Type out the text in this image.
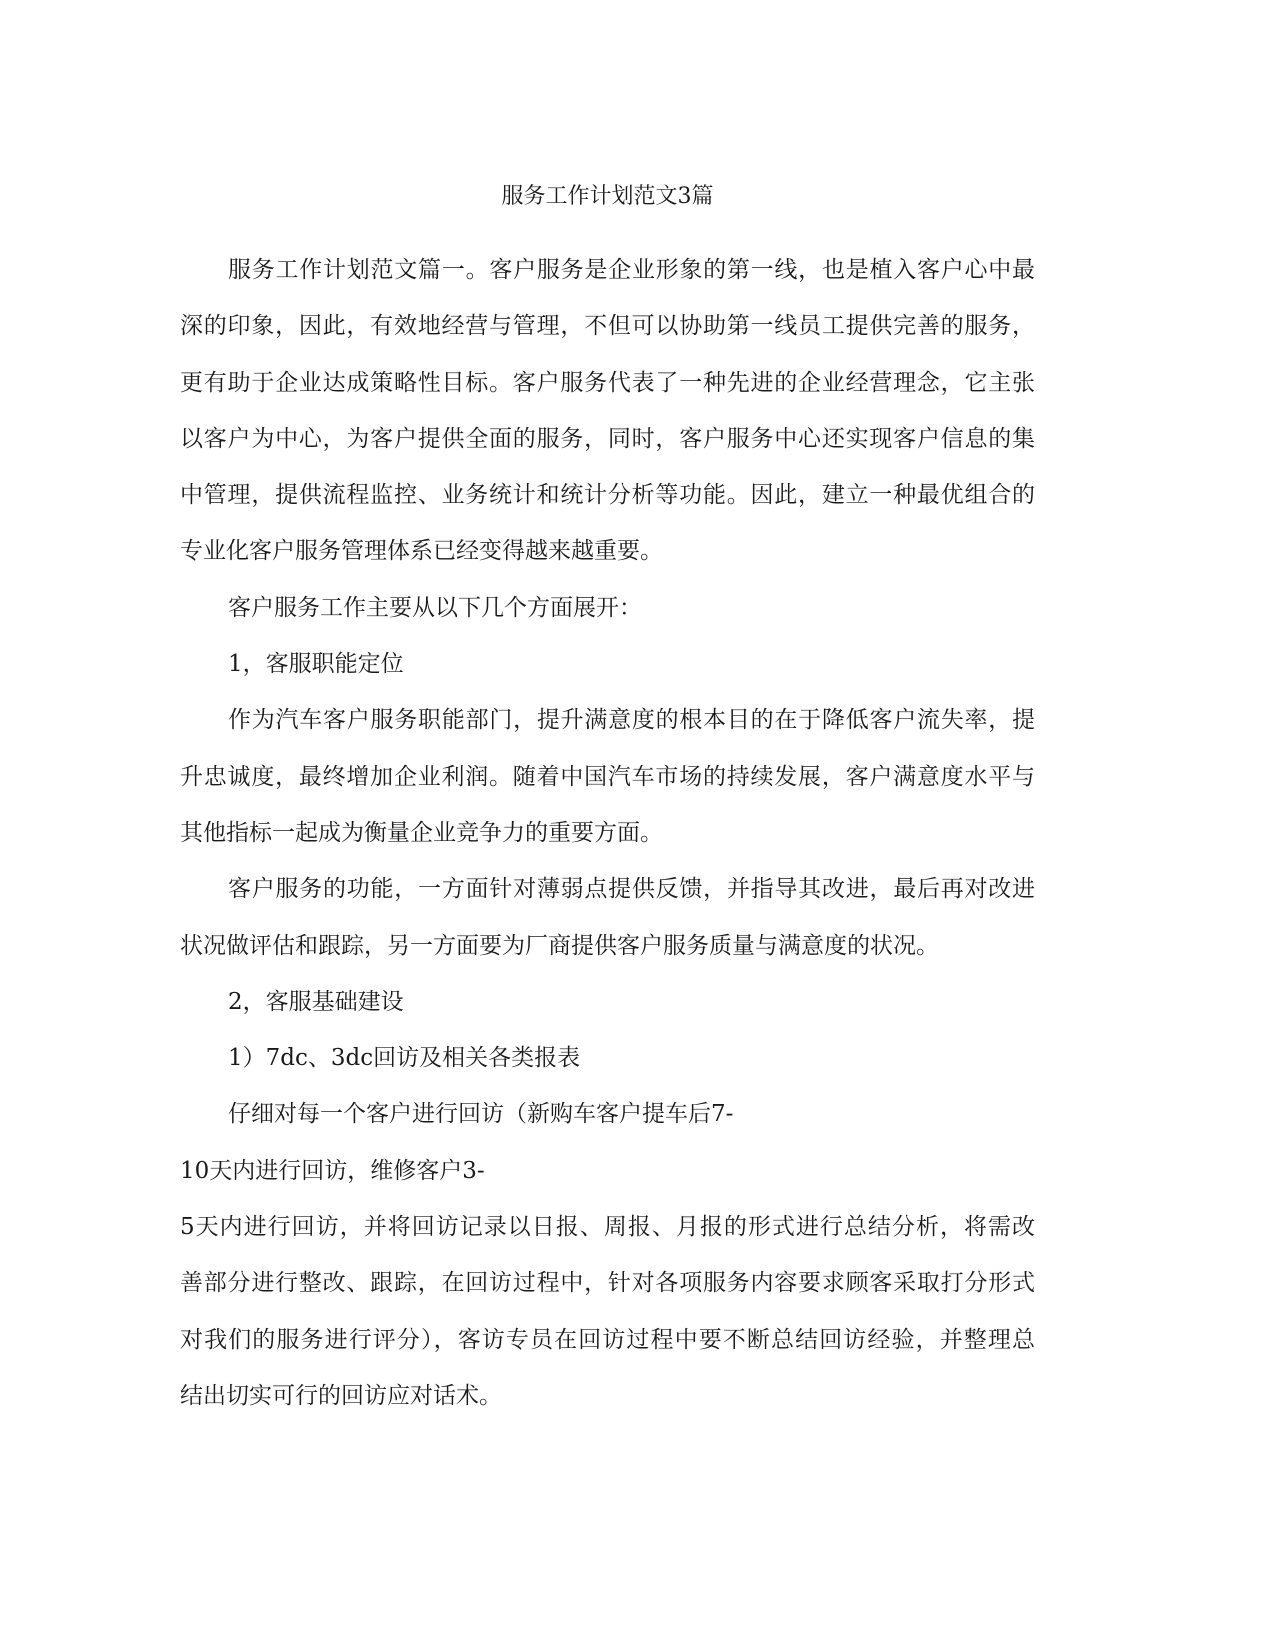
服务工作计划范文3篇
服务工作计划范文篇一。客户服务是企业形象的第一线，也是植入客户心中最
深的印象，因此，有效地经营与管理，不但可以协助第一线员工提供完善的服务，
更有助于企业达成策略性目标。客户服务代表了一种先进的企业经营理念，它主张
以客户为中心，为客户提供全面的服务，同时，客户服务中心还实现客户信息的集
中管理，提供流程监控、业务统计和统计分析等功能。因此，建立一种最优组合的
专业化客户服务管理体系已经变得越来越重要。
客户服务工作主要从以下几个方面展开：
1，客服职能定位
作为汽车客户服务职能部门，提升满意度的根本目的在于降低客户流失率，提
升忠诚度，最终增加企业利润。随着中国汽车市场的持续发展，客户满意度水平与
其他指标一起成为衡量企业竞争力的重要方面。
客户服务的功能，一方面针对薄弱点提供反馈，并指导其改进，最后再对改进
状况做评估和跟踪，另一方面要为厂商提供客户服务质量与满意度的状况。
2，客服基础建设
1）7dc、3dc回访及相关各类报表
仔细对每一个客户进行回访（新购车客户提车后7-
10天内进行回访，维修客户3-
5天内进行回访，并将回访记录以日报、周报、月报的形式进行总结分析，将需改
善部分进行整改、跟踪，在回访过程中，针对各项服务内容要求顾客采取打分形式
对我们的服务进行评分），客访专员在回访过程中要不断总结回访经验，并整理总
结出切实可行的回访应对话术。
